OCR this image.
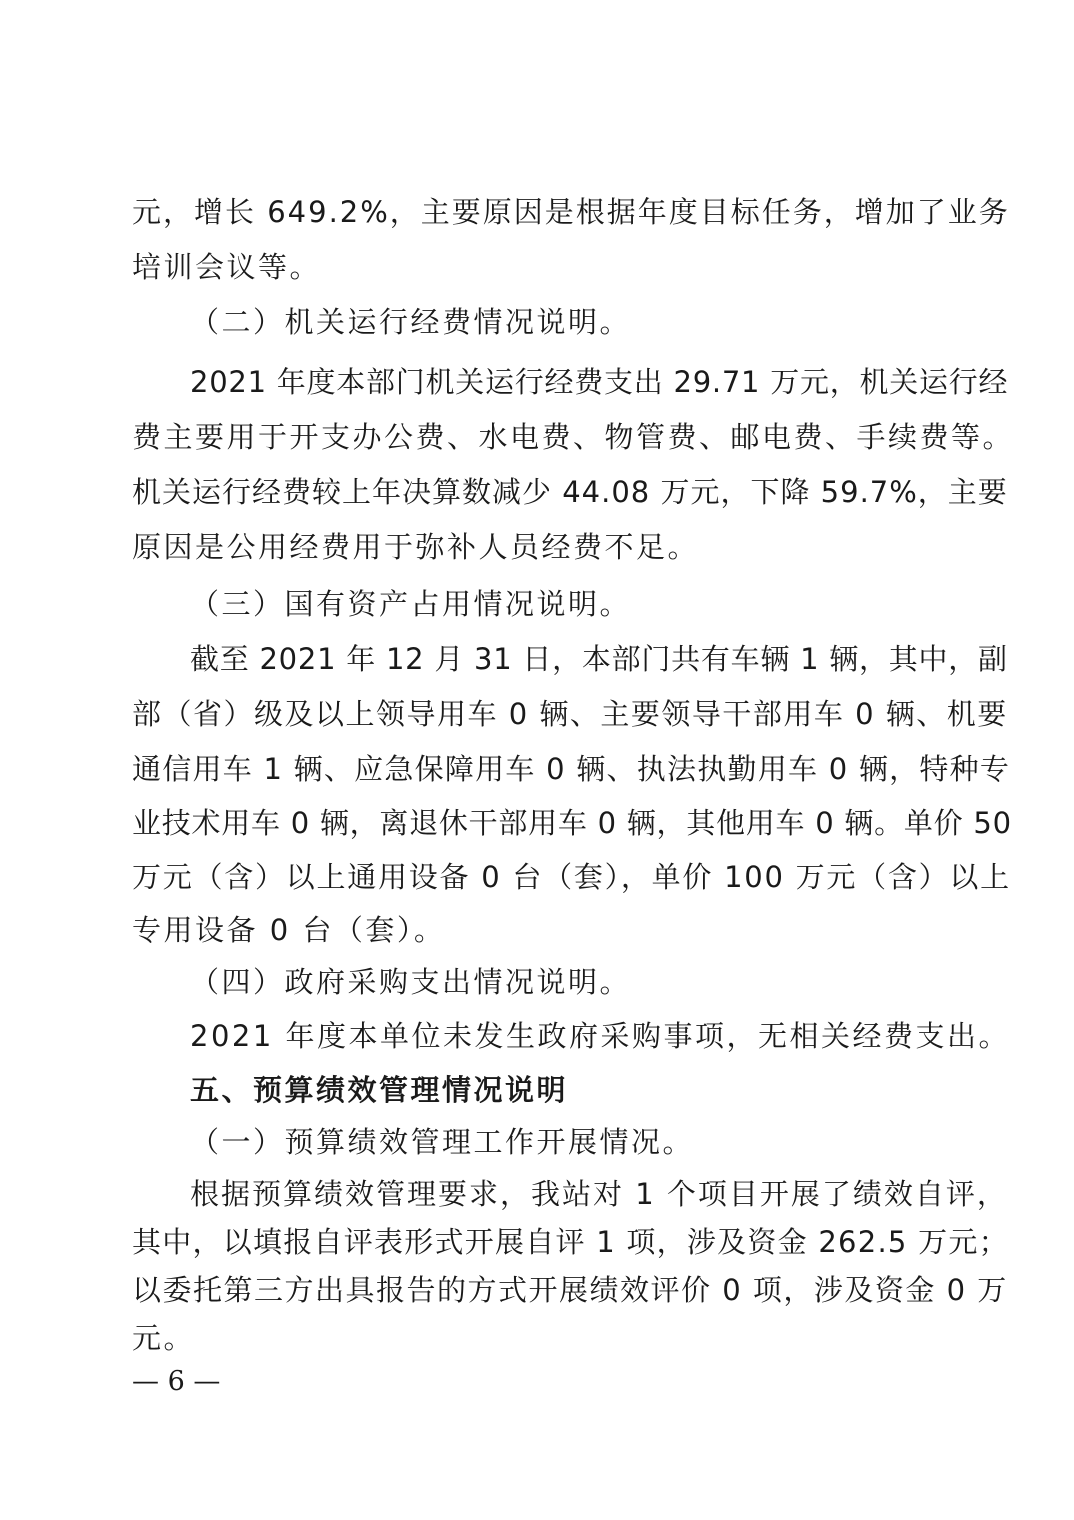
元，增长 649.2%，主要原因是根据年度目标任务，增加了业务

培训会议等。

（二）机关运行经费情况说明。

2021 年度本部门机关运行经费支出 29.71 万元，机关运行经

费主要用于开支办公费、水电费、物管费、邮电费、手续费等。

机关运行经费较上年决算数减少 44.08 万元，下降 59.7%，主要

原因是公用经费用于弥补人员经费不足。

（三）国有资产占用情况说明。

截至 2021 年 12 月 31 日，本部门共有车辆 1 辆，其中，副

部（省）级及以上领导用车 0 辆、主要领导干部用车 0 辆、机要

通信用车 1 辆、应急保障用车 0 辆、执法执勤用车 0 辆，特种专

业技术用车 0 辆，离退休干部用车 0 辆，其他用车 0 辆。单价 50

万元（含）以上通用设备 0 台（套），单价 100 万元（含）以上

专用设备 0 台（套）。

（四）政府采购支出情况说明。

2021 年度本单位未发生政府采购事项，无相关经费支出。

五、预算绩效管理情况说明

（一）预算绩效管理工作开展情况。

根据预算绩效管理要求，我站对 1 个项目开展了绩效自评，

其中，以填报自评表形式开展自评 1 项，涉及资金 262.5 万元；

以委托第三方出具报告的方式开展绩效评价 0 项，涉及资金 0 万

元。

— 6 —
